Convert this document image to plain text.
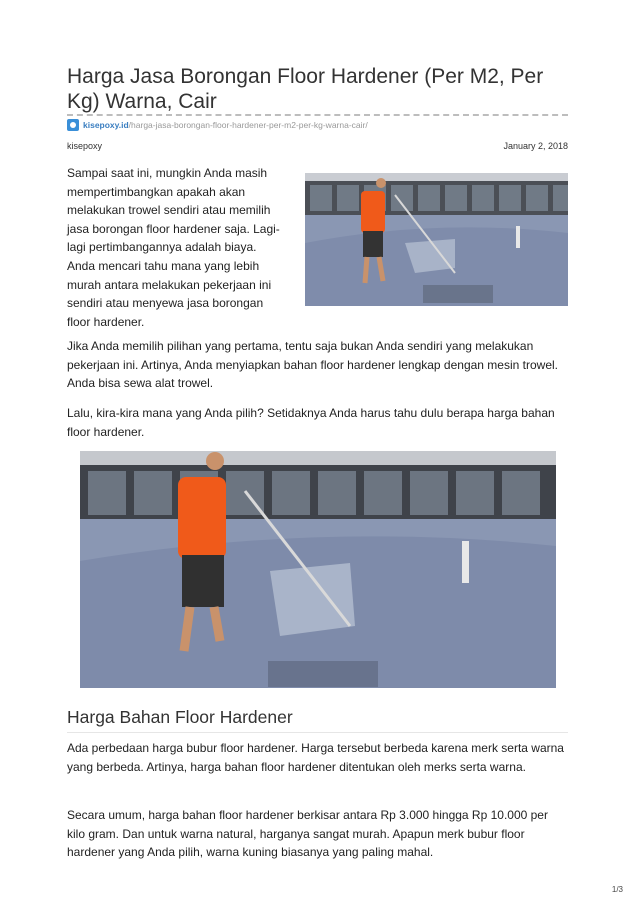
Harga Jasa Borongan Floor Hardener (Per M2, Per Kg) Warna, Cair
kisepoxy.id /harga-jasa-borongan-floor-hardener-per-m2-per-kg-warna-cair/
kisepoxy	January 2, 2018

Sampai saat ini, mungkin Anda masih mempertimbangkan apakah akan melakukan trowel sendiri atau memilih jasa borongan floor hardener saja. Lagi-lagi pertimbangannya adalah biaya. Anda mencari tahu mana yang lebih murah antara melakukan pekerjaan ini sendiri atau menyewa jasa borongan floor hardener.

Jika Anda memilih pilihan yang pertama, tentu saja bukan Anda sendiri yang melakukan pekerjaan ini. Artinya, Anda menyiapkan bahan floor hardener lengkap dengan mesin trowel. Anda bisa sewa alat trowel.

Lalu, kira-kira mana yang Anda pilih? Setidaknya Anda harus tahu dulu berapa harga bahan floor hardener.

Harga Bahan Floor Hardener

Ada perbedaan harga bubur floor hardener. Harga tersebut berbeda karena merk serta warna yang berbeda. Artinya, harga bahan floor hardener ditentukan oleh merks serta warna.

Secara umum, harga bahan floor hardener berkisar antara Rp 3.000 hingga Rp 10.000 per kilo gram. Dan untuk warna natural, harganya sangat murah. Apapun merk bubur floor hardener yang Anda pilih, warna kuning biasanya yang paling mahal.

1/3
